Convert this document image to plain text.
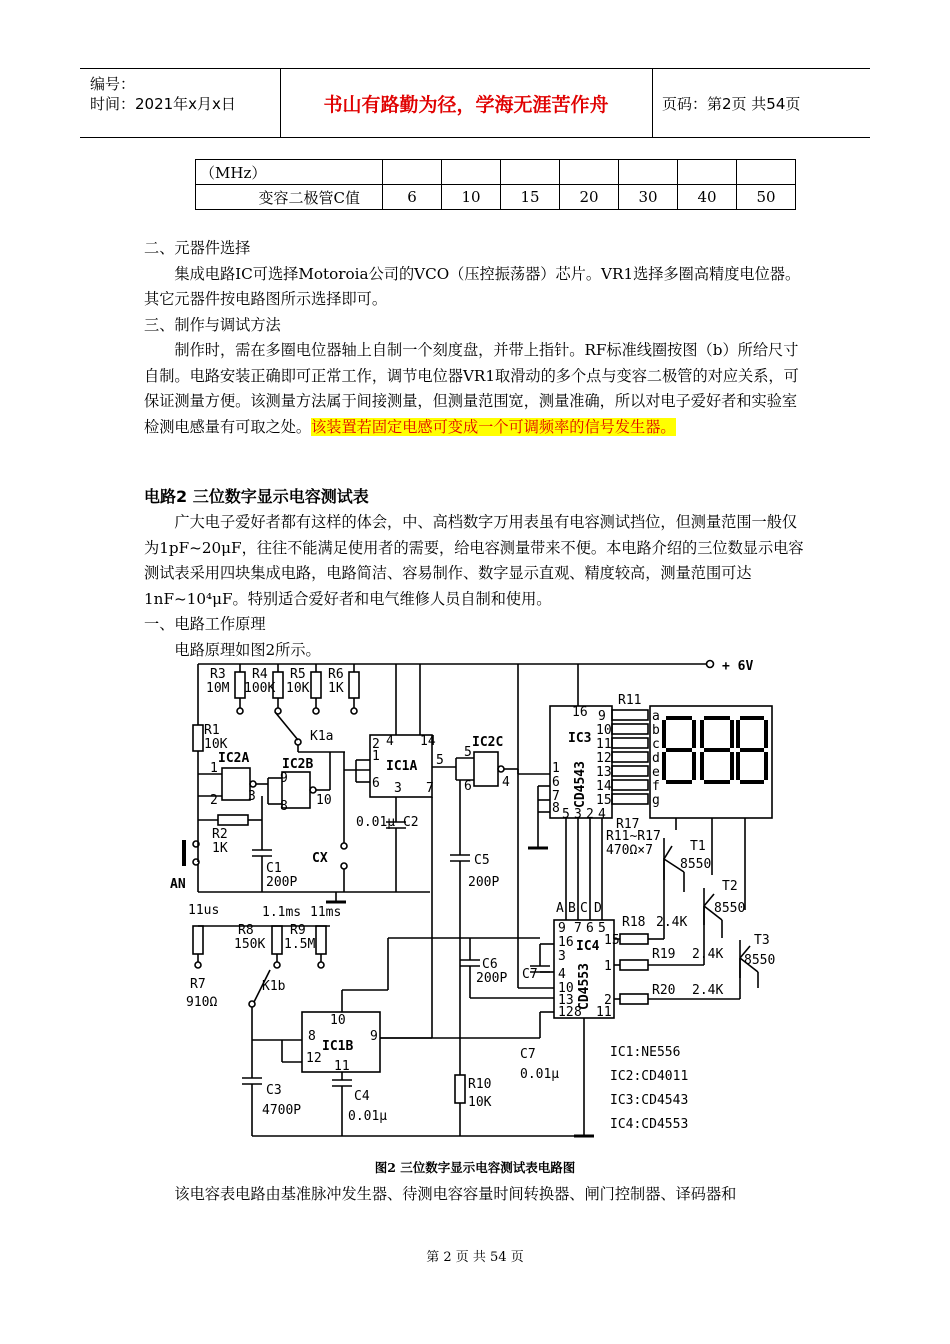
编号：
时间：2021年x月x日	书山有路勤为径，学海无涯苦作舟	页码：第2页 共54页
（MHz）							
变容二极管C值	6	10	15	20	30	40	50

二、元器件选择

集成电路IC可选择Motoroia公司的VCO（压控振荡器）芯片。VR1选择多圈高精度电位器。其它元器件按电路图所示选择即可。

三、制作与调试方法

制作时，需在多圈电位器轴上自制一个刻度盘，并带上指针。RF标准线圈按图（b）所给尺寸自制。电路安装正确即可正常工作，调节电位器VR1取滑动的多个点与变容二极管的对应关系，可保证测量方便。该测量方法属于间接测量，但测量范围宽，测量准确，所以对电子爱好者和实验室检测电感量有可取之处。该装置若固定电感可变成一个可调频率的信号发生器。

电路2 三位数字显示电容测试表

广大电子爱好者都有这样的体会，中、高档数字万用表虽有电容测试挡位，但测量范围一般仅为1pF~20μF，往往不能满足使用者的需要，给电容测量带来不便。本电路介绍的三位数显示电容测试表采用四块集成电路，电路简洁、容易制作、数字显示直观、精度较高，测量范围可达1nF~10⁴μF。特别适合爱好者和电气维修人员自制和使用。

一、电路工作原理

电路原理如图2所示。

+ 6V
R3
10M
R4
100K
R5
10K
R6
1K
R1
10K
IC2A
1
2 3
IC2B
9
8 10
K1a
IC1A
4 14
2
1
6
5
3 7
0.01μ C2
R2
1K
C1
200P
AN
CX
IC2C
5
6 4
C5
200P
IC3
CD4543
16
1
6
7
8 5 3 2 4
9
10
11
12
13
14
15
R11
a
b
c
d
e
f
g
R17
R11~R17
470Ω×7	T1
8550
T2
8550
T3
8550
A B C D
9 7 6 5
16
3
4
10
13
12 8 11
15
1
2
IC4
CD4553
R18 2.4K
R19 2.4K
R20 2.4K
C6
200P C7
C7
0.01μ
11us	1.1ms 11ms
R8
150K
R9
1.5M
R7
910Ω
K1b
IC1B
10
8
12
9
11
C3
4700P
C4
0.01μ
R10
10K
IC1:NE556
IC2:CD4011
IC3:CD4543
IC4:CD4553
图2 三位数字显示电容测试表电路图
该电容表电路由基准脉冲发生器、待测电容容量时间转换器、闸门控制器、译码器和
第 2 页 共 54 页
